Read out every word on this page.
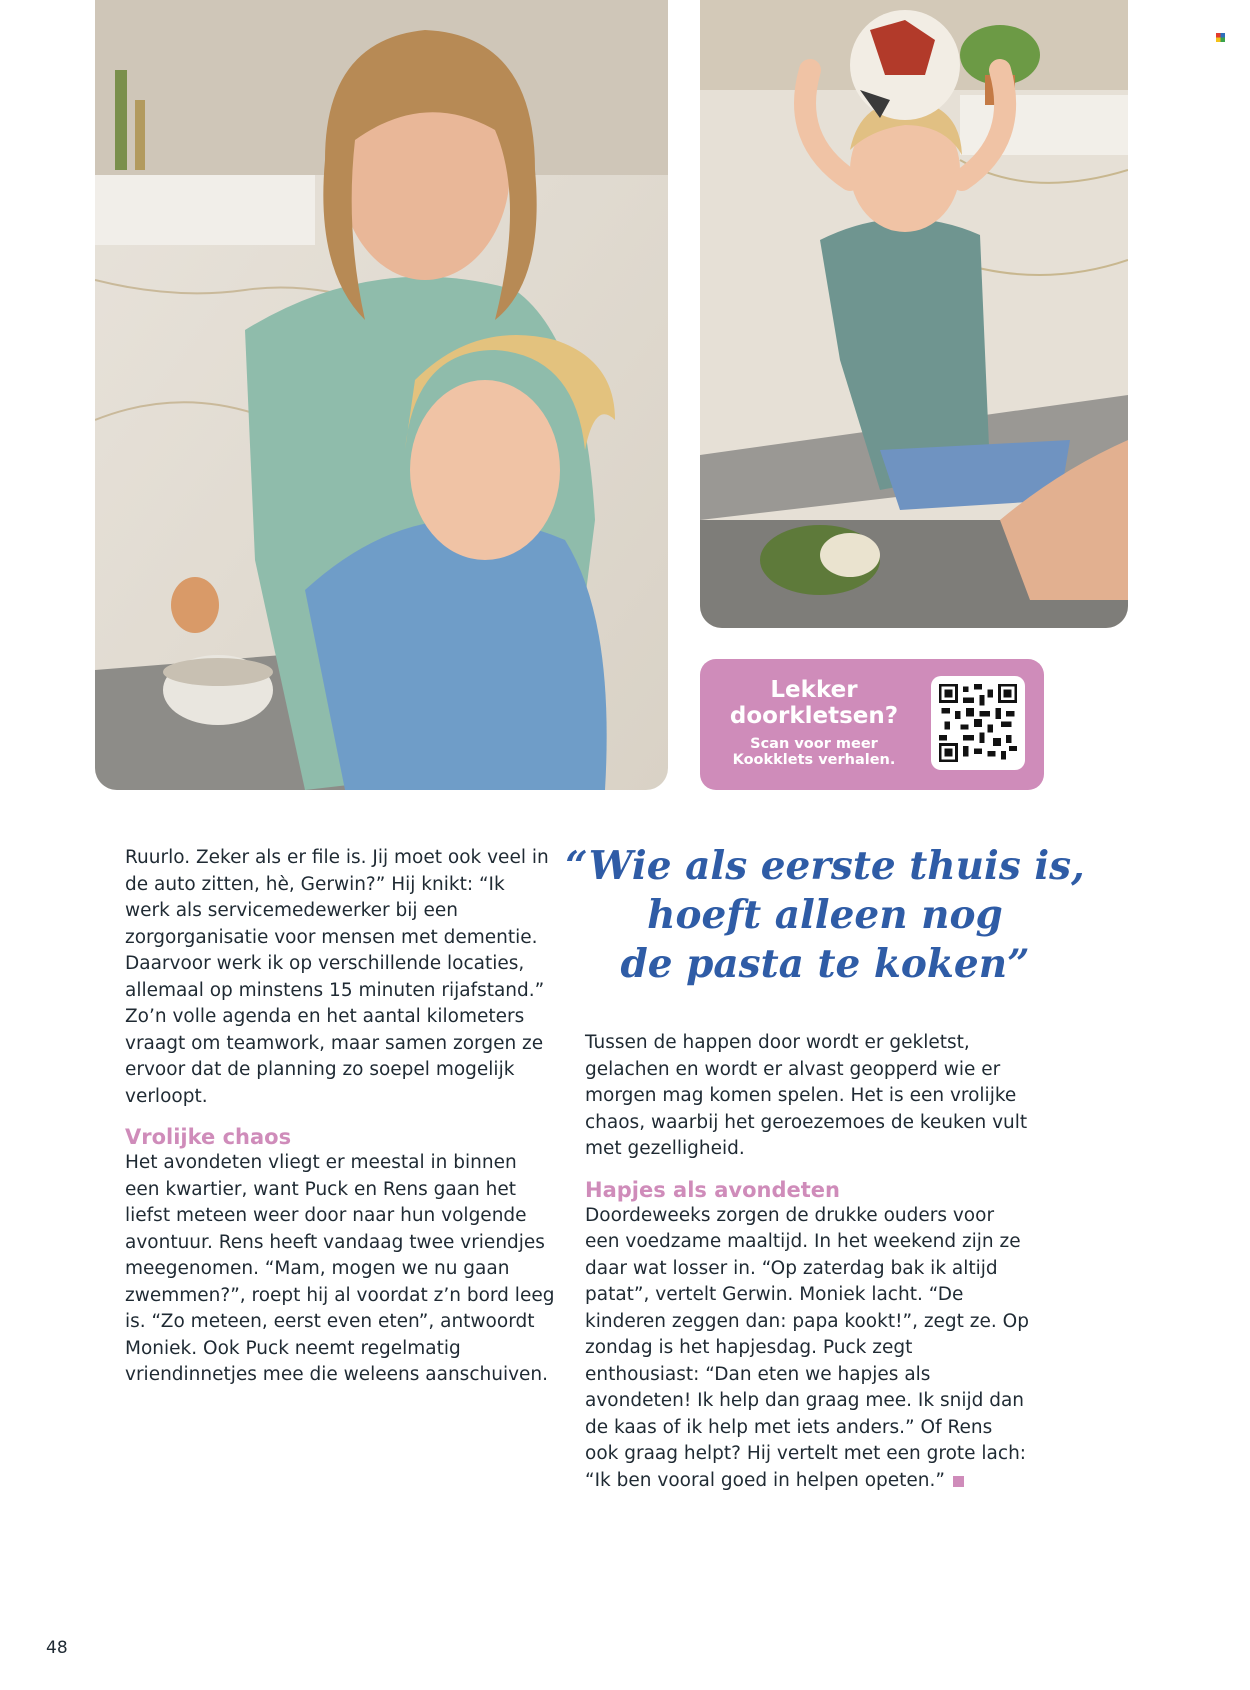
Lekker
doorkletsen?
Scan voor meer
Kookklets verhalen.
“Wie als eerste thuis is,
hoeft alleen nog
de pasta te koken”

Ruurlo. Zeker als er file is. Jij moet ook veel in de auto zitten, hè, Gerwin?” Hij knikt: “Ik werk als servicemedewerker bij een zorgorganisatie voor mensen met dementie. Daarvoor werk ik op verschillende locaties, allemaal op minstens 15 minuten rijafstand.” Zo’n volle agenda en het aantal kilometers vraagt om teamwork, maar samen zorgen ze ervoor dat de planning zo soepel mogelijk verloopt.

Vrolijke chaos

Het avondeten vliegt er meestal in binnen een kwartier, want Puck en Rens gaan het liefst meteen weer door naar hun volgende avontuur. Rens heeft vandaag twee vriendjes meegenomen. “Mam, mogen we nu gaan zwemmen?”, roept hij al voordat z’n bord leeg is. “Zo meteen, eerst even eten”, antwoordt Moniek. Ook Puck neemt regelmatig vriendinnetjes mee die weleens aanschuiven.

Tussen de happen door wordt er gekletst, gelachen en wordt er alvast geopperd wie er morgen mag komen spelen. Het is een vrolijke chaos, waarbij het geroezemoes de keuken vult met gezelligheid.

Hapjes als avondeten

Doordeweeks zorgen de drukke ouders voor een voedzame maaltijd. In het weekend zijn ze daar wat losser in. “Op zaterdag bak ik altijd patat”, vertelt Gerwin. Moniek lacht. “De kinderen zeggen dan: papa kookt!”, zegt ze. Op zondag is het hapjesdag. Puck zegt enthousiast: “Dan eten we hapjes als avondeten! Ik help dan graag mee. Ik snijd dan de kaas of ik help met iets anders.” Of Rens ook graag helpt? Hij vertelt met een grote lach: “Ik ben vooral goed in helpen opeten.”

48
